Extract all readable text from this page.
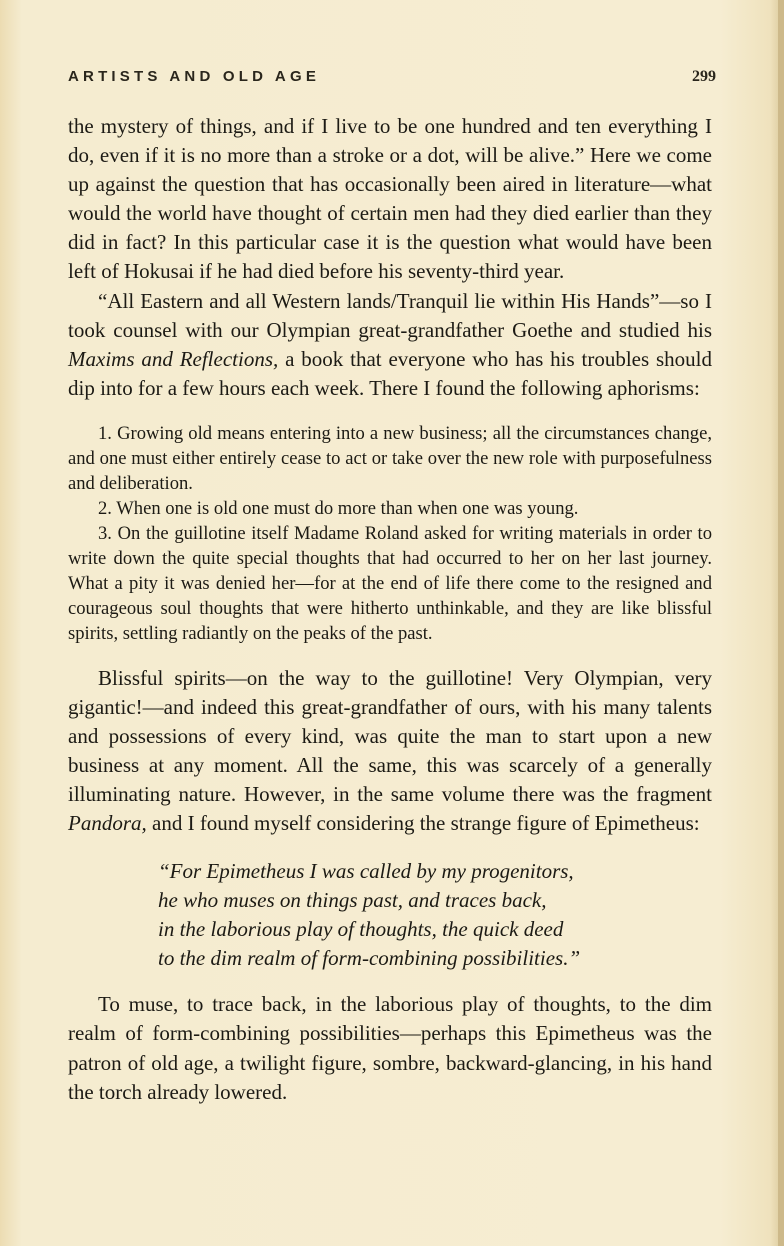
ARTISTS AND OLD AGE	299

the mystery of things, and if I live to be one hundred and ten everything I do, even if it is no more than a stroke or a dot, will be alive.” Here we come up against the question that has occasionally been aired in literature—what would the world have thought of certain men had they died earlier than they did in fact? In this particular case it is the question what would have been left of Hokusai if he had died before his seventy-third year.

“All Eastern and all Western lands/Tranquil lie within His Hands”—so I took counsel with our Olympian great-grandfather Goethe and studied his Maxims and Reflections, a book that everyone who has his troubles should dip into for a few hours each week. There I found the following aphorisms:

1. Growing old means entering into a new business; all the circumstances change, and one must either entirely cease to act or take over the new role with purposefulness and deliberation.

2. When one is old one must do more than when one was young.

3. On the guillotine itself Madame Roland asked for writing materials in order to write down the quite special thoughts that had occurred to her on her last journey. What a pity it was denied her—for at the end of life there come to the resigned and courageous soul thoughts that were hitherto unthinkable, and they are like blissful spirits, settling radiantly on the peaks of the past.

Blissful spirits—on the way to the guillotine! Very Olympian, very gigantic!—and indeed this great-grandfather of ours, with his many talents and possessions of every kind, was quite the man to start upon a new business at any moment. All the same, this was scarcely of a generally illuminating nature. However, in the same volume there was the fragment Pandora, and I found myself considering the strange figure of Epimetheus:

“For Epimetheus I was called by my progenitors,

he who muses on things past, and traces back,

in the laborious play of thoughts, the quick deed

to the dim realm of form-combining possibilities.”

To muse, to trace back, in the laborious play of thoughts, to the dim realm of form-combining possibilities—perhaps this Epimetheus was the patron of old age, a twilight figure, sombre, backward-glancing, in his hand the torch already lowered.
